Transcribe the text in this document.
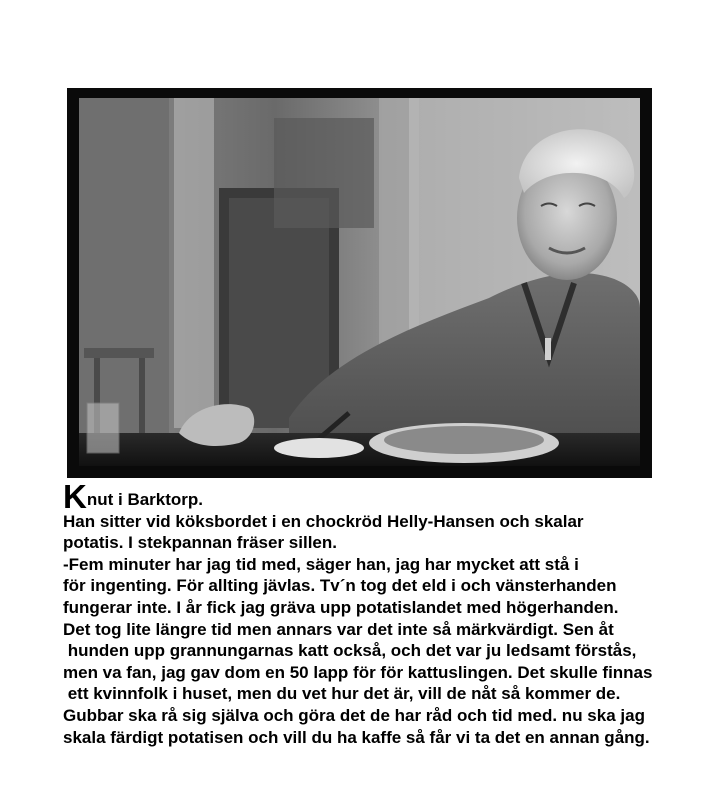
Knut i Barktorp.
Han sitter vid köksbordet i en chockröd Helly-Hansen och skalar
potatis. I stekpannan fräser sillen.
-Fem minuter har jag tid med, säger han, jag har mycket att stå i
för ingenting. För allting jävlas. Tv´n tog det eld i och vänsterhanden
fungerar inte. I år fick jag gräva upp potatislandet med högerhanden.
Det tog lite längre tid men annars var det inte så märkvärdigt. Sen åt
hunden upp grannungarnas katt också, och det var ju ledsamt förstås,
men va fan, jag gav dom en 50 lapp för för kattuslingen. Det skulle finnas
ett kvinnfolk i huset, men du vet hur det är, vill de nåt så kommer de.
Gubbar ska rå sig själva och göra det de har råd och tid med. nu ska jag
skala färdigt potatisen och vill du ha kaffe så får vi ta det en annan gång.
